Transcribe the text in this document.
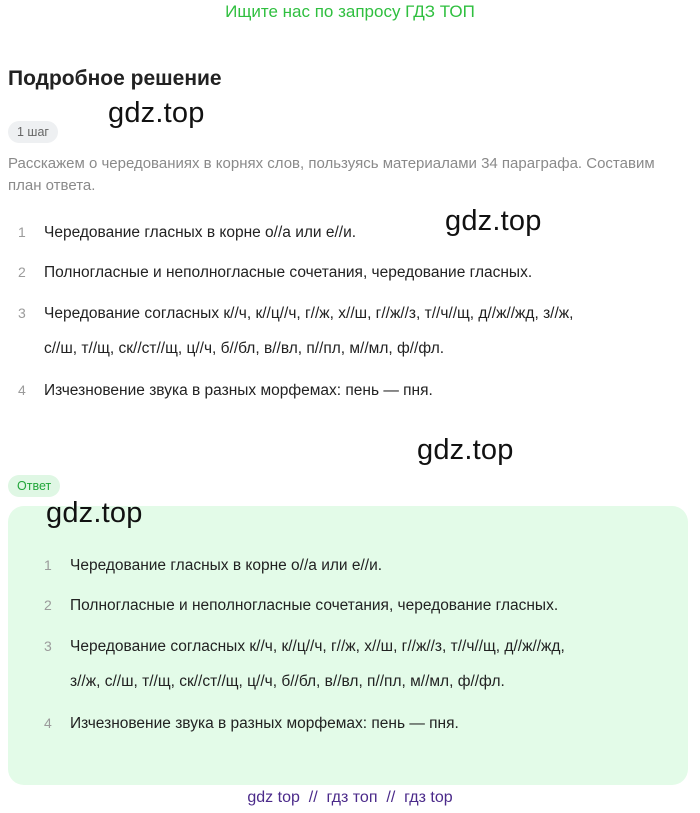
Ищите нас по запросу ГДЗ ТОП
Подробное решение
1 шаг
gdz.top
gdz.top
gdz.top
Расскажем о чередованиях в корнях слов, пользуясь материалами 34 параграфа. Составим план ответа.
1 Чередование гласных в корне о//а или е//и.
2 Полногласные и неполногласные сочетания, чередование гласных.
3 Чередование согласных к//ч, к//ц//ч, г//ж, х//ш, г//ж//з, т//ч//щ, д//ж//жд, з//ж,
с//ш, т//щ, ск//ст//щ, ц//ч, б//бл, в//вл, п//пл, м//мл, ф//фл.
4 Изчезновение звука в разных морфемах: пень — пня.
Ответ
gdz.top
1 Чередование гласных в корне о//а или е//и.
2 Полногласные и неполногласные сочетания, чередование гласных.
3 Чередование согласных к//ч, к//ц//ч, г//ж, х//ш, г//ж//з, т//ч//щ, д//ж//жд,
з//ж, с//ш, т//щ, ск//ст//щ, ц//ч, б//бл, в//вл, п//пл, м//мл, ф//фл.
4 Изчезновение звука в разных морфемах: пень — пня.
gdz top  //  гдз топ  //  гдз top
